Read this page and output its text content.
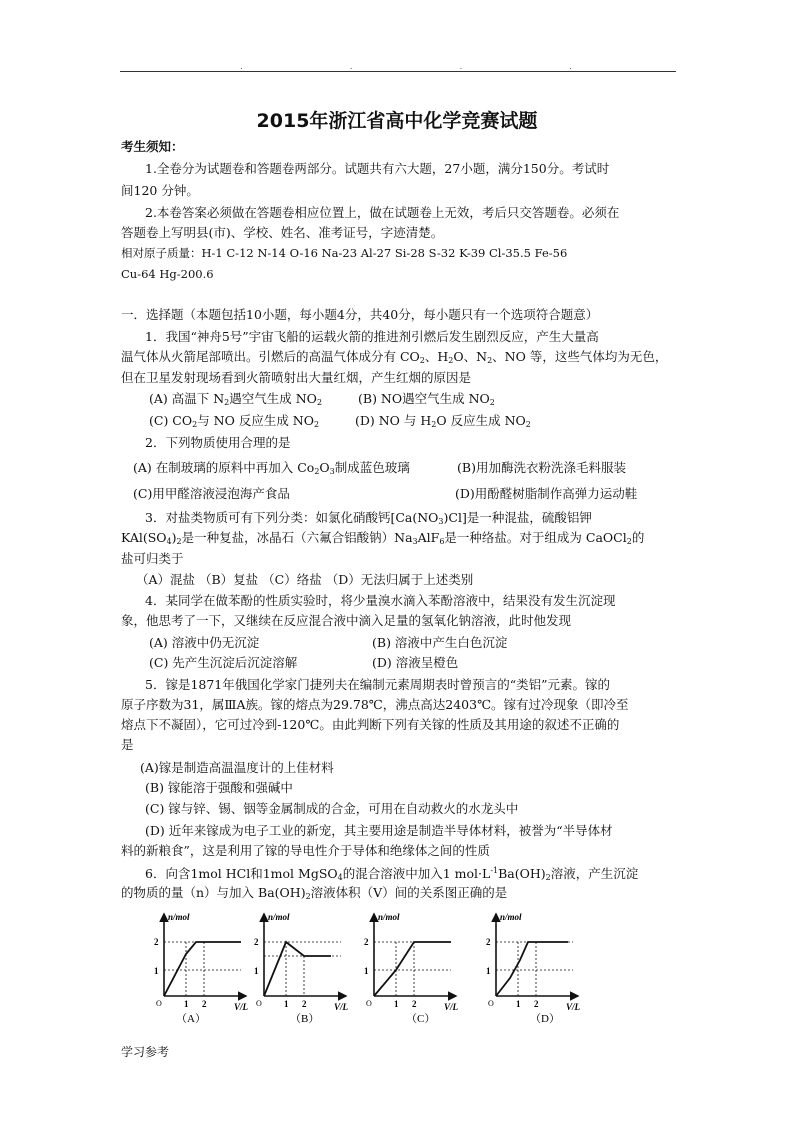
. . . .
2015年浙江省高中化学竞赛试题
考生须知：
1.全卷分为试题卷和答题卷两部分。试题共有六大题，27小题，满分150分。考试时
间120 分钟。
2.本卷答案必须做在答题卷相应位置上，做在试题卷上无效，考后只交答题卷。必须在
答题卷上写明县(市)、学校、姓名、准考证号，字迹清楚。
相对原子质量：H-1 C-12 N-14 O-16 Na-23 Al-27 Si-28 S-32 K-39 Cl-35.5 Fe-56
Cu-64 Hg-200.6
一．选择题（本题包括10小题，每小题4分，共40分，每小题只有一个选项符合题意）
1．我国“神舟5号”宇宙飞船的运载火箭的推进剂引燃后发生剧烈反应，产生大量高
温气体从火箭尾部喷出。引燃后的高温气体成分有 $CO_2$、$H_2O$、$N_2$、NO 等，这些气体均为无色，
但在卫星发射现场看到火箭喷射出大量红烟，产生红烟的原因是
(A) 高温下 $N_2$遇空气生成 $NO_2$	(B) NO遇空气生成 $NO_2$
(C) $CO_2$与 NO 反应生成 $NO_2$	(D) NO 与 $H_2O$ 反应生成 $NO_2$
2．下列物质使用合理的是
(A) 在制玻璃的原料中再加入 $Co_2O_3$制成蓝色玻璃	(B)用加酶洗衣粉洗涤毛料服装
(C)用甲醛溶液浸泡海产食品	(D)用酚醛树脂制作高弹力运动鞋
3．对盐类物质可有下列分类：如氯化硝酸钙$[Ca(NO_3)Cl]$是一种混盐，硫酸铝钾
$KAl(SO_4)_2$是一种复盐，冰晶石（六氟合铝酸钠）$Na_3AlF_6$是一种络盐。对于组成为 CaOCl$_2$的
盐可归类于
（A）混盐 （B）复盐 （C）络盐 （D）无法归属于上述类别
4．某同学在做苯酚的性质实验时，将少量溴水滴入苯酚溶液中，结果没有发生沉淀现
象，他思考了一下，又继续在反应混合液中滴入足量的氢氧化钠溶液，此时他发现
(A) 溶液中仍无沉淀	(B) 溶液中产生白色沉淀
(C) 先产生沉淀后沉淀溶解	(D) 溶液呈橙色
5．镓是1871年俄国化学家门捷列夫在编制元素周期表时曾预言的“类铝”元素。镓的
原子序数为31，属ⅢA族。镓的熔点为29.78℃，沸点高达2403℃。镓有过冷现象（即冷至
熔点下不凝固），它可过冷到-120℃。由此判断下列有关镓的性质及其用途的叙述不正确的
是
(A)镓是制造高温温度计的上佳材料
(B) 镓能溶于强酸和强碱中
(C) 镓与锌、锡、铟等金属制成的合金，可用在自动救火的水龙头中
(D) 近年来镓成为电子工业的新宠，其主要用途是制造半导体材料，被誉为“半导体材
料的新粮食”，这是利用了镓的导电性介于导体和绝缘体之间的性质
6．向含1mol HCl和1mol MgSO$_4$的混合溶液中加入1 $mol\cdot L^{-1}Ba(OH)_2$溶液，产生沉淀
的物质的量（n）与加入 $Ba(OH)_2$溶液体积（V）间的关系图正确的是
n/mol
V/L
2
1
1 2
O
（A）
n/mol
V/L
2
1
1 2
O
（B）
n/mol
V/L
2
1
1 2
O
（C）
n/mol
V/L
2
1
1 2
O
（D）
学习参考
